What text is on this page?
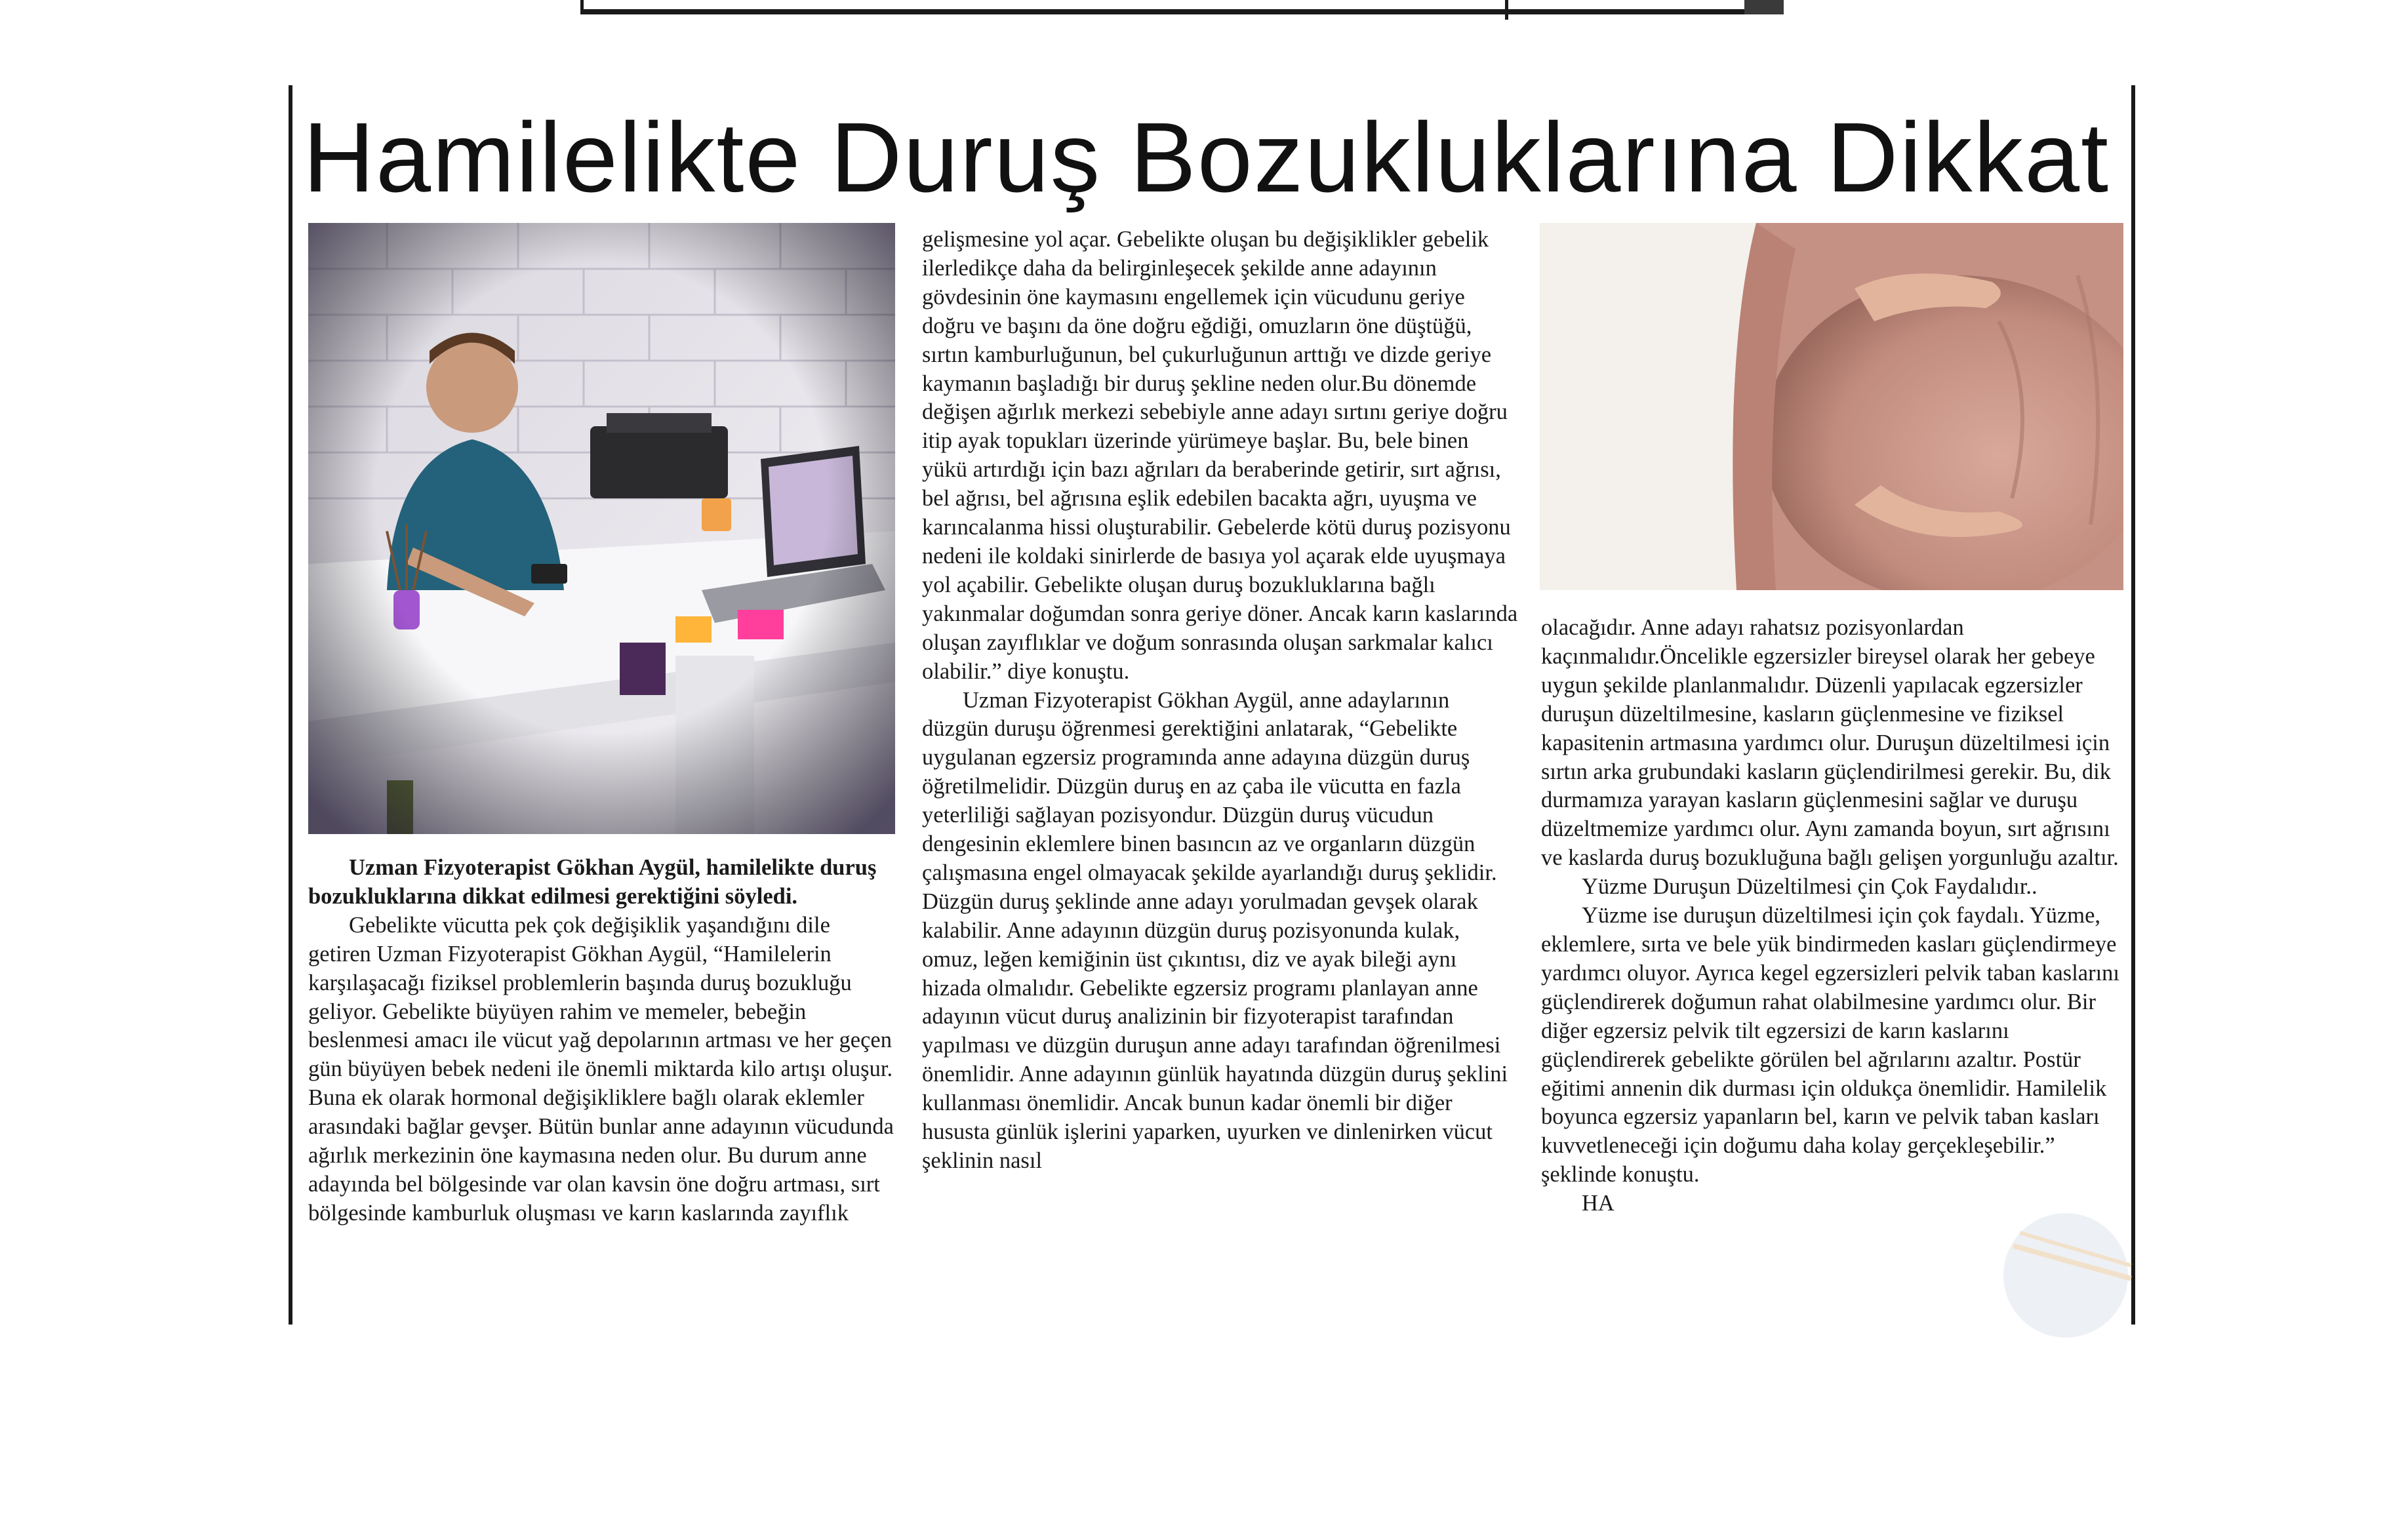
Hamilelikte Duruş Bozukluklarına Dikkat

Uzman Fizyoterapist Gökhan Aygül, hamilelikte duruş bozukluklarına dikkat edilmesi gerektiğini söyledi.

Gebelikte vücutta pek çok değişiklik yaşandığını dile getiren Uzman Fizyoterapist Gökhan Aygül, “Hamilelerin karşılaşacağı fiziksel problemlerin başında duruş bozukluğu geliyor. Gebelikte büyüyen rahim ve memeler, bebeğin beslenmesi amacı ile vücut yağ depolarının artması ve her geçen gün büyüyen bebek nedeni ile önemli miktarda kilo artışı oluşur. Buna ek olarak hormonal değişikliklere bağlı olarak eklemler arasındaki bağlar gevşer. Bütün bunlar anne adayının vücudunda ağırlık merkezinin öne kaymasına neden olur. Bu durum anne adayında bel bölgesinde var olan kavsin öne doğru artması, sırt bölgesinde kamburluk oluşması ve karın kaslarında zayıflık

gelişmesine yol açar. Gebelikte oluşan bu değişiklikler gebelik ilerledikçe daha da belirginleşecek şekilde anne adayının gövdesinin öne kaymasını engellemek için vücudunu geriye doğru ve başını da öne doğru eğdiği, omuzların öne düştüğü, sırtın kamburluğunun, bel çukurluğunun arttığı ve dizde geriye kaymanın başladığı bir duruş şekline neden olur.Bu dönemde değişen ağırlık merkezi sebebiyle anne adayı sırtını geriye doğru itip ayak topukları üzerinde yürümeye başlar. Bu, bele binen yükü artırdığı için bazı ağrıları da beraberinde getirir, sırt ağrısı, bel ağrısı, bel ağrısına eşlik edebilen bacakta ağrı, uyuşma ve karıncalanma hissi oluşturabilir. Gebelerde kötü duruş pozisyonu nedeni ile koldaki sinirlerde de basıya yol açarak elde uyuşmaya yol açabilir. Gebelikte oluşan duruş bozukluklarına bağlı yakınmalar doğumdan sonra geriye döner. Ancak karın kaslarında oluşan zayıflıklar ve doğum sonrasında oluşan sarkmalar kalıcı olabilir.” diye konuştu.

Uzman Fizyoterapist Gökhan Aygül, anne adaylarının düzgün duruşu öğrenmesi gerektiğini anlatarak, “Gebelikte uygulanan egzersiz programında anne adayına düzgün duruş öğretilmelidir. Düzgün duruş en az çaba ile vücutta en fazla yeterliliği sağlayan pozisyondur. Düzgün duruş vücudun dengesinin eklemlere binen basıncın az ve organların düzgün çalışmasına engel olmayacak şekilde ayarlandığı duruş şeklidir. Düzgün duruş şeklinde anne adayı yorulmadan gevşek olarak kalabilir. Anne adayının düzgün duruş pozisyonunda kulak, omuz, leğen kemiğinin üst çıkıntısı, diz ve ayak bileği aynı hizada olmalıdır. Gebelikte egzersiz programı planlayan anne adayının vücut duruş analizinin bir fizyoterapist tarafından yapılması ve düzgün duruşun anne adayı tarafından öğrenilmesi önemlidir. Anne adayının günlük hayatında düzgün duruş şeklini kullanması önemlidir. Ancak bunun kadar önemli bir diğer hususta günlük işlerini yaparken, uyurken ve dinlenirken vücut şeklinin nasıl

olacağıdır. Anne adayı rahatsız pozisyonlardan kaçınmalıdır.Öncelikle egzersizler bireysel olarak her gebeye uygun şekilde planlanmalıdır. Düzenli yapılacak egzersizler duruşun düzeltilmesine, kasların güçlenmesine ve fiziksel kapasitenin artmasına yardımcı olur. Duruşun düzeltilmesi için sırtın arka grubundaki kasların güçlendirilmesi gerekir. Bu, dik durmamıza yarayan kasların güçlenmesini sağlar ve duruşu düzeltmemize yardımcı olur. Aynı zamanda boyun, sırt ağrısını ve kaslarda duruş bozukluğuna bağlı gelişen yorgunluğu azaltır.

Yüzme Duruşun Düzeltilmesi çin Çok Faydalıdır..

Yüzme ise duruşun düzeltilmesi için çok faydalı. Yüzme, eklemlere, sırta ve bele yük bindirmeden kasları güçlendirmeye yardımcı oluyor. Ayrıca kegel egzersizleri pelvik taban kaslarını güçlendirerek doğumun rahat olabilmesine yardımcı olur. Bir diğer egzersiz pelvik tilt egzersizi de karın kaslarını güçlendirerek gebelikte görülen bel ağrılarını azaltır. Postür eğitimi annenin dik durması için oldukça önemlidir. Hamilelik boyunca egzersiz yapanların bel, karın ve pelvik taban kasları kuvvetleneceği için doğumu daha kolay gerçekleşebilir.” şeklinde konuştu.

HA
